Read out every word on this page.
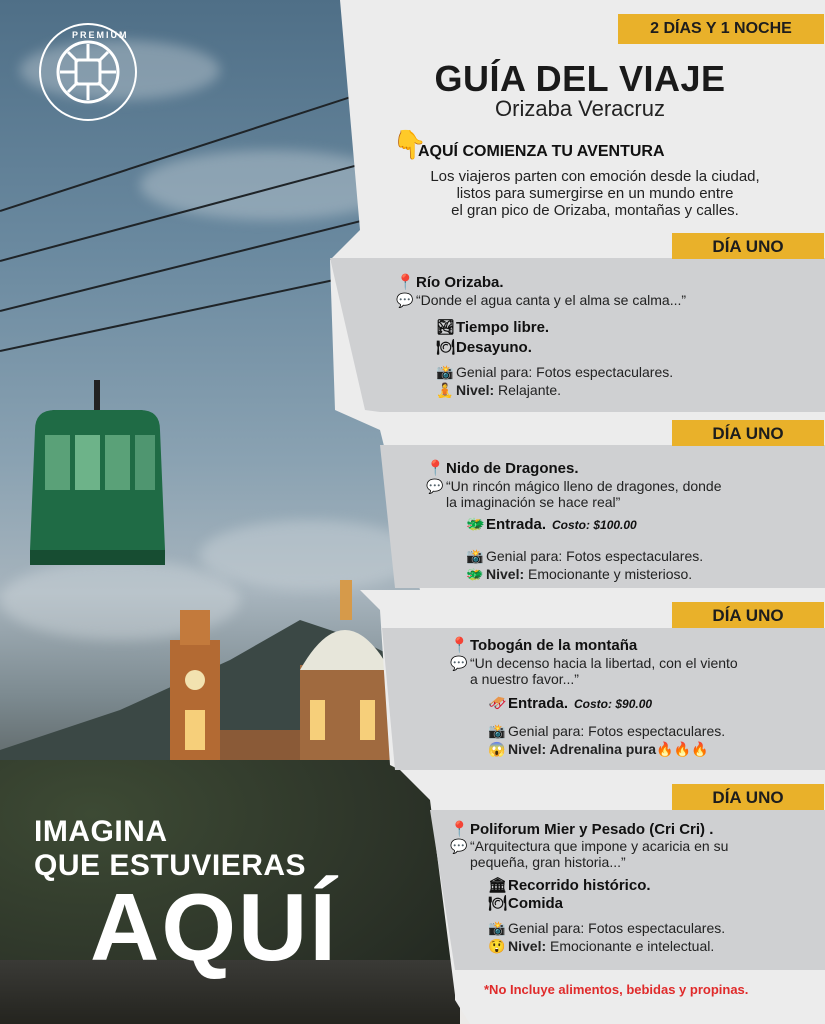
PREMIUM
IMAGINA
QUE ESTUVIERAS
AQUÍ
2 DÍAS Y 1 NOCHE
GUÍA DEL VIAJE
Orizaba Veracruz
👇
AQUÍ COMIENZA TU AVENTURA
Los viajeros parten con emoción desde la ciudad,
listos para sumergirse en un mundo entre
el gran pico de Orizaba, montañas y calles.
DÍA UNO
📍Río Orizaba.
💬 “Donde el agua canta y el alma se calma...”
🏞Tiempo libre.
🍽Desayuno.
📸 Genial para: Fotos espectaculares.
🧘 Nivel: Relajante.
DÍA UNO
📍Nido de Dragones.
💬 “Un rincón mágico lleno de dragones, donde
la imaginación se hace real”
🐲Entrada. Costo: $100.00
📸 Genial para: Fotos espectaculares.
🐲 Nivel: Emocionante y misterioso.
DÍA UNO
📍Tobogán de la montaña
💬 “Un decenso hacia la libertad, con el viento
a nuestro favor...”
🛷Entrada. Costo: $90.00
📸 Genial para: Fotos espectaculares.
😱 Nivel: Adrenalina pura🔥🔥🔥
DÍA UNO
📍Poliforum Mier y Pesado (Cri Cri) .
💬 “Arquitectura que impone y acaricia en su
pequeña, gran historia...”
🏛Recorrido histórico.
🍽Comida
📸 Genial para: Fotos espectaculares.
😲 Nivel: Emocionante e intelectual.
*No Incluye alimentos, bebidas y propinas.
